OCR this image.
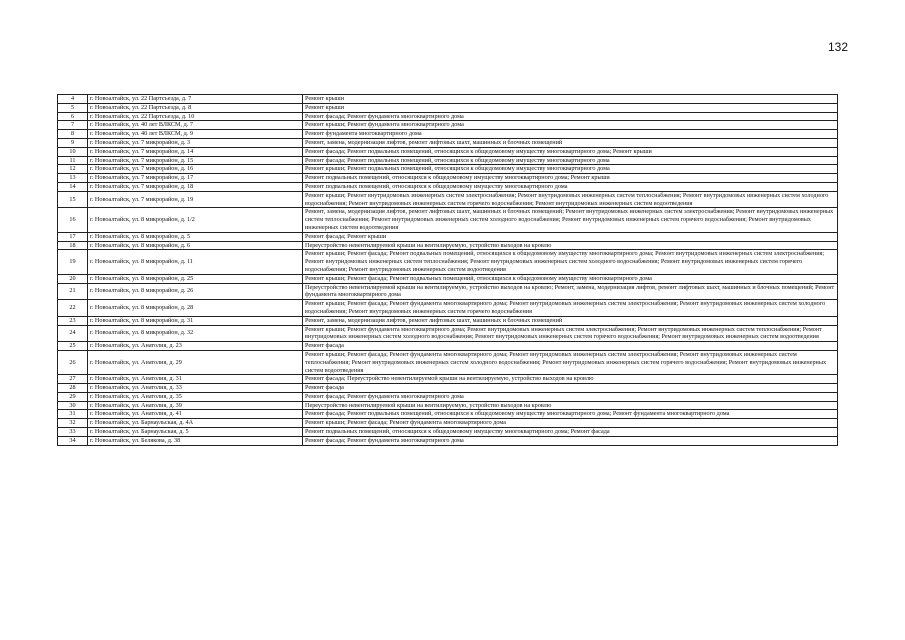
132
4	г. Новоалтайск, ул. 22 Партсъезда, д. 7	Ремонт крыши
5	г. Новоалтайск, ул. 22 Партсъезда, д. 8	Ремонт крыши
6	г. Новоалтайск, ул. 22 Партсъезда, д. 10	Ремонт фасада; Ремонт фундамента многоквартирного дома
7	г. Новоалтайск, ул. 40 лет ВЛКСМ, д. 7	Ремонт крыши; Ремонт фундамента многоквартирного дома
8	г. Новоалтайск, ул. 40 лет ВЛКСМ, д. 9	Ремонт фундамента многоквартирного дома
9	г. Новоалтайск, ул. 7 микрорайон, д. 3	Ремонт, замена, модернизация лифтов, ремонт лифтовых шахт, машинных и блочных помещений
10	г. Новоалтайск, ул. 7 микрорайон, д. 14	Ремонт фасада; Ремонт подвальных помещений, относящихся к общедомовому имуществу многоквартирного дома; Ремонт крыши
11	г. Новоалтайск, ул. 7 микрорайон, д. 15	Ремонт фасада; Ремонт подвальных помещений, относящихся к общедомовому имуществу многоквартирного дома
12	г. Новоалтайск, ул. 7 микрорайон, д. 16	Ремонт крыши; Ремонт подвальных помещений, относящихся к общедомовому имуществу многоквартирного дома
13	г. Новоалтайск, ул. 7 микрорайон, д. 17	Ремонт подвальных помещений, относящихся к общедомовому имуществу многоквартирного дома; Ремонт крыши
14	г. Новоалтайск, ул. 7 микрорайон, д. 18	Ремонт подвальных помещений, относящихся к общедомовому имуществу многоквартирного дома
15	г. Новоалтайск, ул. 7 микрорайон, д. 19	Ремонт крыши; Ремонт внутридомовых инженерных систем электроснабжения; Ремонт внутридомовых инженерных систем теплоснабжения; Ремонт внутридомовых инженерных систем холодного водоснабжения; Ремонт внутридомовых инженерных систем горячего водоснабжения; Ремонт внутридомовых инженерных систем водоотведения
16	г. Новоалтайск, ул. 8 микрорайон, д. 1/2	Ремонт, замена, модернизация лифтов, ремонт лифтовых шахт, машинных и блочных помещений; Ремонт внутридомовых инженерных систем электроснабжения; Ремонт внутридомовых инженерных систем теплоснабжения; Ремонт внутридомовых инженерных систем холодного водоснабжения; Ремонт внутридомовых инженерных систем горячего водоснабжения; Ремонт внутридомовых инженерных систем водоотведения
17	г. Новоалтайск, ул. 8 микрорайон, д. 5	Ремонт фасада; Ремонт крыши
18	г. Новоалтайск, ул. 8 микрорайон, д. 6	Переустройство невентилируемой крыши на вентилируемую, устройство выходов на кровлю
19	г. Новоалтайск, ул. 8 микрорайон, д. 11	Ремонт крыши; Ремонт фасада; Ремонт подвальных помещений, относящихся к общедомовому имуществу многоквартирного дома; Ремонт внутридомовых инженерных систем электроснабжения; Ремонт внутридомовых инженерных систем теплоснабжения; Ремонт внутридомовых инженерных систем холодного водоснабжения; Ремонт внутридомовых инженерных систем горячего водоснабжения; Ремонт внутридомовых инженерных систем водоотведения
20	г. Новоалтайск, ул. 8 микрорайон, д. 25	Ремонт крыши; Ремонт фасада; Ремонт подвальных помещений, относящихся к общедомовому имуществу многоквартирного дома
21	г. Новоалтайск, ул. 8 микрорайон, д. 26	Переустройство невентилируемой крыши на вентилируемую, устройство выходов на кровлю; Ремонт, замена, модернизация лифтов, ремонт лифтовых шахт, машинных и блочных помещений; Ремонт фундамента многоквартирного дома
22	г. Новоалтайск, ул. 8 микрорайон, д. 28	Ремонт крыши; Ремонт фасада; Ремонт фундамента многоквартирного дома; Ремонт внутридомовых инженерных систем электроснабжения; Ремонт внутридомовых инженерных систем холодного водоснабжения; Ремонт внутридомовых инженерных систем горячего водоснабжения
23	г. Новоалтайск, ул. 8 микрорайон, д. 31	Ремонт, замена, модернизация лифтов, ремонт лифтовых шахт, машинных и блочных помещений
24	г. Новоалтайск, ул. 8 микрорайон, д. 32	Ремонт крыши; Ремонт фундамента многоквартирного дома; Ремонт внутридомовых инженерных систем электроснабжения; Ремонт внутридомовых инженерных систем теплоснабжения; Ремонт внутридомовых инженерных систем холодного водоснабжения; Ремонт внутридомовых инженерных систем горячего водоснабжения; Ремонт внутридомовых инженерных систем водоотведения
25	г. Новоалтайск, ул. Анатолия, д. 23	Ремонт фасада
26	г. Новоалтайск, ул. Анатолия, д. 29	Ремонт крыши; Ремонт фасада; Ремонт фундамента многоквартирного дома; Ремонт внутридомовых инженерных систем электроснабжения; Ремонт внутридомовых инженерных систем теплоснабжения; Ремонт внутридомовых инженерных систем холодного водоснабжения; Ремонт внутридомовых инженерных систем горячего водоснабжения; Ремонт внутридомовых инженерных систем водоотведения
27	г. Новоалтайск, ул. Анатолия, д. 31	Ремонт фасада; Переустройство невентилируемой крыши на вентилируемую, устройство выходов на кровлю
28	г. Новоалтайск, ул. Анатолия, д. 33	Ремонт фасада
29	г. Новоалтайск, ул. Анатолия, д. 35	Ремонт фасада; Ремонт фундамента многоквартирного дома
30	г. Новоалтайск, ул. Анатолия, д. 39	Переустройство невентилируемой крыши на вентилируемую, устройство выходов на кровлю
31	г. Новоалтайск, ул. Анатолия, д. 41	Ремонт фасада; Ремонт подвальных помещений, относящихся к общедомовому имуществу многоквартирного дома; Ремонт фундамента многоквартирного дома
32	г. Новоалтайск, ул. Барнаульская, д. 4А	Ремонт крыши; Ремонт фасада; Ремонт фундамента многоквартирного дома
33	г. Новоалтайск, ул. Барнаульская, д. 5	Ремонт подвальных помещений, относящихся к общедомовому имуществу многоквартирного дома; Ремонт фасада
34	г. Новоалтайск, ул. Белякова, д. 38	Ремонт фасада; Ремонт фундамента многоквартирного дома
